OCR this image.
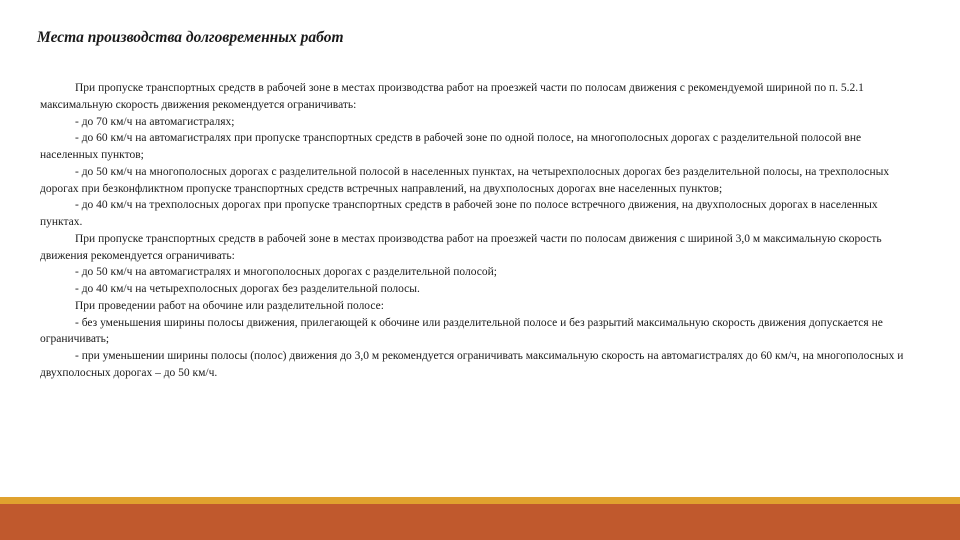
Места производства долговременных работ

При пропуске транспортных средств в рабочей зоне в местах производства работ на проезжей части по полосам движения с рекомендуемой шириной по п. 5.2.1 максимальную скорость движения рекомендуется ограничивать:

- до 70 км/ч на автомагистралях;

- до 60 км/ч на автомагистралях при пропуске транспортных средств в рабочей зоне по одной полосе, на многополосных дорогах с разделительной полосой вне населенных пунктов;

- до 50 км/ч на многополосных дорогах с разделительной полосой в населенных пунктах, на четырехполосных дорогах без разделительной полосы, на трехполосных дорогах при безконфликтном пропуске транспортных средств встречных направлений, на двухполосных дорогах вне населенных пунктов;

- до 40 км/ч на трехполосных дорогах при пропуске транспортных средств в рабочей зоне по полосе встречного движения, на двухполосных дорогах в населенных пунктах.

При пропуске транспортных средств в рабочей зоне в местах производства работ на проезжей части по полосам движения с шириной 3,0 м максимальную скорость движения рекомендуется ограничивать:

- до 50 км/ч на автомагистралях и многополосных дорогах с разделительной полосой;

- до 40 км/ч на четырехполосных дорогах без разделительной полосы.

При проведении работ на обочине или разделительной полосе:

- без уменьшения ширины полосы движения, прилегающей к обочине или разделительной полосе и без разрытий максимальную скорость движения допускается не ограничивать;

- при уменьшении ширины полосы (полос) движения до 3,0 м рекомендуется ограничивать максимальную скорость на автомагистралях до 60 км/ч, на многополосных и двухполосных дорогах – до 50 км/ч.
